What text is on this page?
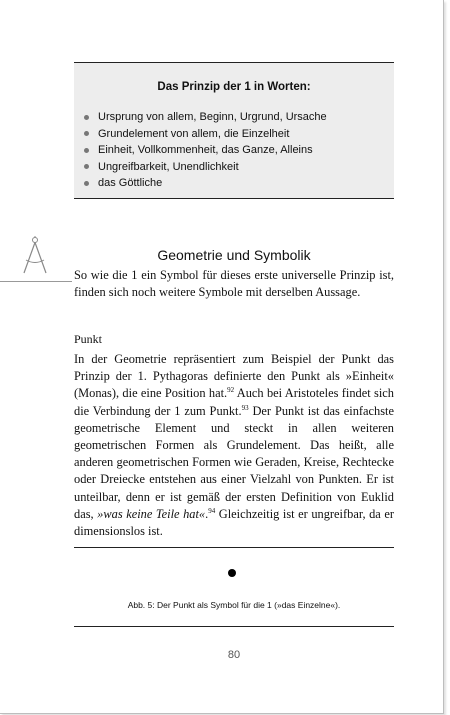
Das Prinzip der 1 in Worten:
Ursprung von allem, Beginn, Urgrund, Ursache
Grundelement von allem, die Einzelheit
Einheit, Vollkommenheit, das Ganze, Alleins
Ungreifbarkeit, Unendlichkeit
das Göttliche
Geometrie und Symbolik

So wie die 1 ein Symbol für dieses erste universelle Prinzip ist, finden sich noch weitere Symbole mit derselben Aussage.

Punkt

In der Geometrie repräsentiert zum Beispiel der Punkt das Prinzip der 1. Pythagoras definierte den Punkt als »Einheit« (Monas), die eine Position hat.$^{92}$ Auch bei Aristoteles findet sich die Verbindung der 1 zum Punkt.$^{93}$ Der Punkt ist das einfachste geometrische Element und steckt in allen weiteren geometrischen Formen als Grundelement. Das heißt, alle anderen geometrischen Formen wie Geraden, Kreise, Rechtecke oder Dreiecke entstehen aus einer Vielzahl von Punkten. Er ist unteilbar, denn er ist gemäß der ersten Definition von Euklid das, »was keine Teile hat«.$^{94}$ Gleichzeitig ist er ungreifbar, da er dimensionslos ist.

Abb. 5: Der Punkt als Symbol für die 1 (»das Einzelne«).
80
